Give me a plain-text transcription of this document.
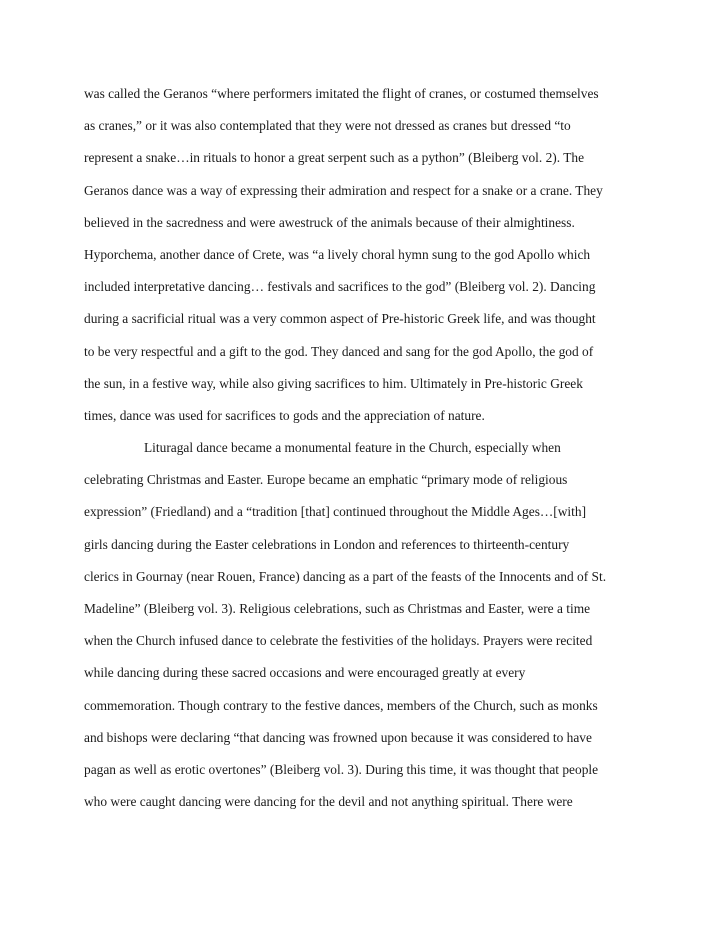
was called the Geranos “where performers imitated the flight of cranes, or costumed themselves
as cranes,” or it was also contemplated that they were not dressed as cranes but dressed “to
represent a snake…in rituals to honor a great serpent such as a python” (Bleiberg vol. 2). The
Geranos dance was a way of expressing their admiration and respect for a snake or a crane. They
believed in the sacredness and were awestruck of the animals because of their almightiness.
Hyporchema, another dance of Crete, was “a lively choral hymn sung to the god Apollo which
included interpretative dancing… festivals and sacrifices to the god” (Bleiberg vol. 2). Dancing
during a sacrificial ritual was a very common aspect of Pre-historic Greek life, and was thought
to be very respectful and a gift to the god. They danced and sang for the god Apollo, the god of
the sun, in a festive way, while also giving sacrifices to him. Ultimately in Pre-historic Greek
times, dance was used for sacrifices to gods and the appreciation of nature.
Lituragal dance became a monumental feature in the Church, especially when
celebrating Christmas and Easter. Europe became an emphatic “primary mode of religious
expression” (Friedland) and a “tradition [that] continued throughout the Middle Ages…[with]
girls dancing during the Easter celebrations in London and references to thirteenth-century
clerics in Gournay (near Rouen, France) dancing as a part of the feasts of the Innocents and of St.
Madeline” (Bleiberg vol. 3). Religious celebrations, such as Christmas and Easter, were a time
when the Church infused dance to celebrate the festivities of the holidays. Prayers were recited
while dancing during these sacred occasions and were encouraged greatly at every
commemoration. Though contrary to the festive dances, members of the Church, such as monks
and bishops were declaring “that dancing was frowned upon because it was considered to have
pagan as well as erotic overtones” (Bleiberg vol. 3). During this time, it was thought that people
who were caught dancing were dancing for the devil and not anything spiritual. There were
